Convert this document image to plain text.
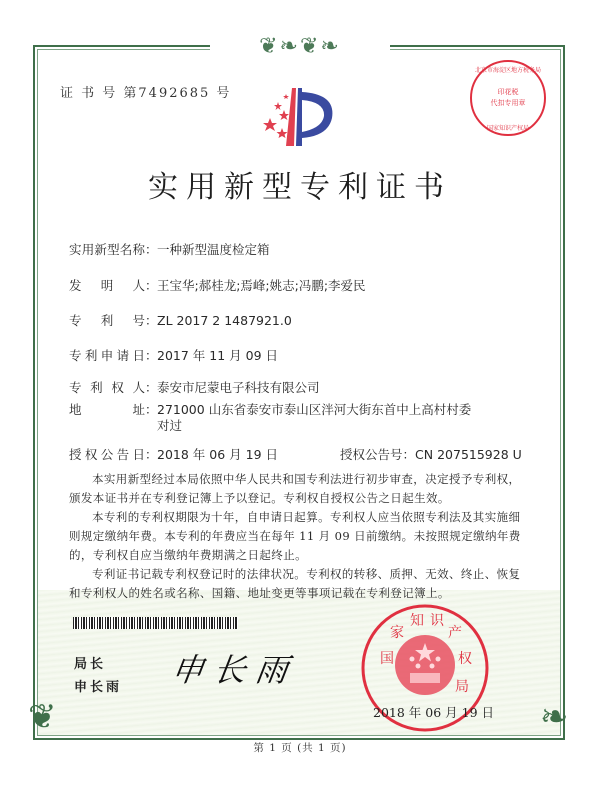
❦❧❦❧
❦	❧
证 书 号 第7492685 号	印花税
代扣专用章
北京市海淀区地方税务局
国家知识产权局
实用新型专利证书
实用新型名称：一种新型温度检定箱
发明人：王宝华;郝桂龙;焉峰;姚志;冯鹏;李爱民
专利号：ZL 2017 2 1487921.0
专利申请日：2017 年 11 月 09 日
专利权人：泰安市尼蒙电子科技有限公司
地址：271000 山东省泰安市泰山区泮河大街东首中上高村村委
对过
授权公告日：2018 年 06 月 19 日	授权公告号：CN 207515928 U
本实用新型经过本局依照中华人民共和国专利法进行初步审查，决定授予专利权，颁发本证书并在专利登记簿上予以登记。专利权自授权公告之日起生效。
本专利的专利权期限为十年，自申请日起算。专利权人应当依照专利法及其实施细则规定缴纳年费。本专利的年费应当在每年 11 月 09 日前缴纳。未按照规定缴纳年费的，专利权自应当缴纳年费期满之日起终止。
专利证书记载专利权登记时的法律状况。专利权的转移、质押、无效、终止、恢复和专利权人的姓名或名称、国籍、地址变更等事项记载在专利登记簿上。
局长
申长雨 申长雨	国
家
知 识
产
权
局
2018 年 06 月 19 日
第 1 页 (共 1 页)
